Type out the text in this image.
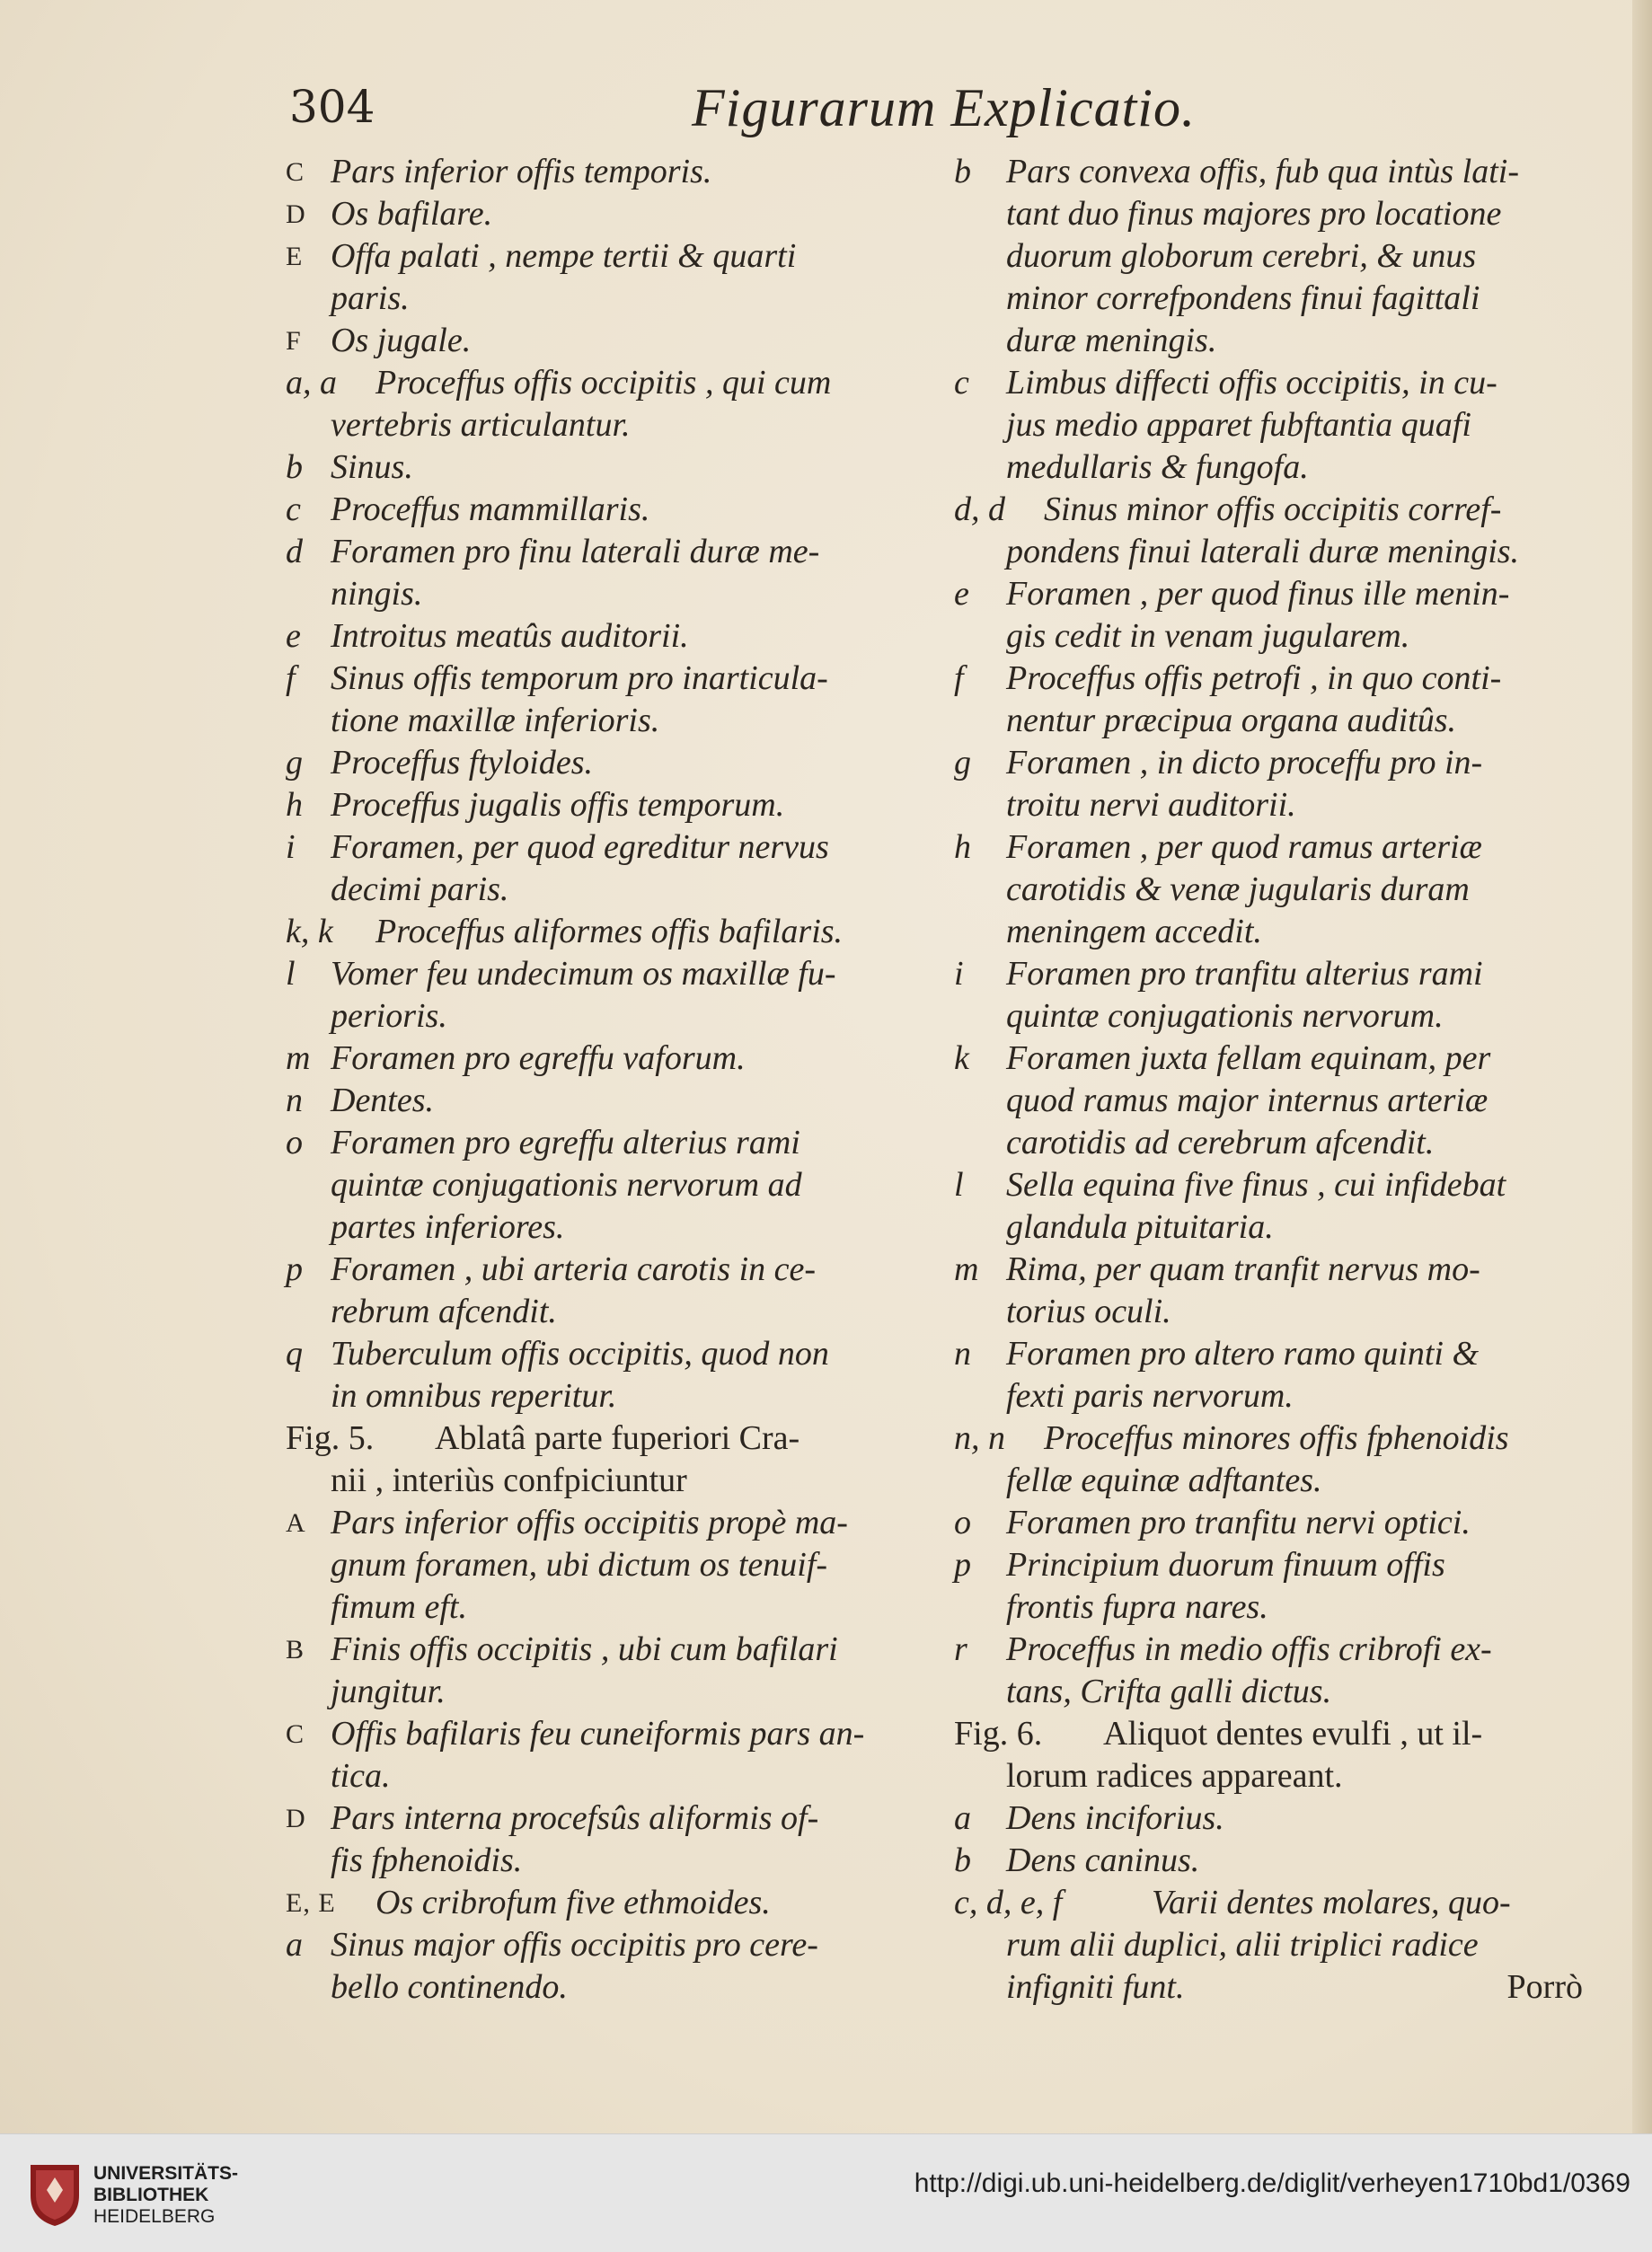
304	Figurarum Explicatio.
C Pars inferior offis temporis.
D Os bafilare.
E Offa palati , nempe tertii & quarti
paris.
F Os jugale.
a, a	Proceffus offis occipitis , qui cum
vertebris articulantur.
b Sinus.
c Proceffus mammillaris.
d Foramen pro finu laterali duræ me-
ningis.
e Introitus meatûs auditorii.
f	Sinus offis temporum pro inarticula-
tione maxillæ inferioris.
g Proceffus ftyloides.
h Proceffus jugalis offis temporum.
i	Foramen, per quod egreditur nervus
decimi paris.
k, k	Proceffus aliformes offis bafilaris.
l	Vomer feu undecimum os maxillæ fu-
perioris.
m Foramen pro egreffu vaforum.
n Dentes.
o Foramen pro egreffu alterius rami
quintæ conjugationis nervorum ad
partes inferiores.
p Foramen , ubi arteria carotis in ce-
rebrum afcendit.
q Tuberculum offis occipitis, quod non
in omnibus reperitur.
Fig. 5.	Ablatâ parte fuperiori Cra-
nii , interiùs confpiciuntur
A Pars inferior offis occipitis propè ma-
gnum foramen, ubi dictum os tenuif-
fimum eft.
B Finis offis occipitis , ubi cum bafilari
jungitur.
C Offis bafilaris feu cuneiformis pars an-
tica.
D Pars interna procefsûs aliformis of-
fis fphenoidis.
E, E	Os cribrofum five ethmoides.
a Sinus major offis occipitis pro cere-
bello continendo.
b	Pars convexa offis, fub qua intùs lati-
tant duo finus majores pro locatione
duorum globorum cerebri, & unus
minor correfpondens finui fagittali
duræ meningis.
c	Limbus diffecti offis occipitis, in cu-
jus medio apparet fubftantia quafi
medullaris & fungofa.
d, d	Sinus minor offis occipitis corref-
pondens finui laterali duræ meningis.
e	Foramen , per quod finus ille menin-
gis cedit in venam jugularem.
f	Proceffus offis petrofi , in quo conti-
nentur præcipua organa auditûs.
g	Foramen , in dicto proceffu pro in-
troitu nervi auditorii.
h	Foramen , per quod ramus arteriæ
carotidis & venæ jugularis duram
meningem accedit.
i	Foramen pro tranfitu alterius rami
quintæ conjugationis nervorum.
k	Foramen juxta fellam equinam, per
quod ramus major internus arteriæ
carotidis ad cerebrum afcendit.
l	Sella equina five finus , cui infidebat
glandula pituitaria.
m Rima, per quam tranfit nervus mo-
torius oculi.
n	Foramen pro altero ramo quinti &
fexti paris nervorum.
n, n	Proceffus minores offis fphenoidis
fellæ equinæ adftantes.
o	Foramen pro tranfitu nervi optici.
p	Principium duorum finuum offis
frontis fupra nares.
r	Proceffus in medio offis cribrofi ex-
tans, Crifta galli dictus.
Fig. 6.	Aliquot dentes evulfi , ut il-
lorum radices appareant.
a	Dens inciforius.
b	Dens caninus.
c, d, e, f	Varii dentes molares, quo-
rum alii duplici, alii triplici radice
infigniti funt.	Porrò
UNIVERSITÄTS-
BIBLIOTHEK
HEIDELBERG
http://digi.ub.uni-heidelberg.de/diglit/verheyen1710bd1/0369
